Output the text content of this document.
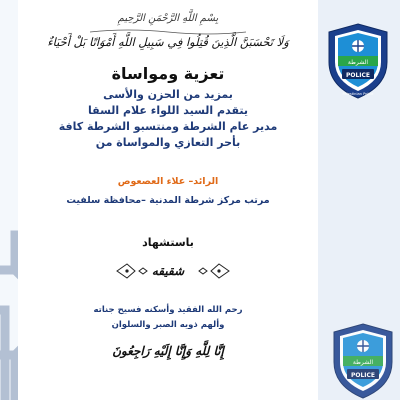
بِسْمِ اللَّهِ الرَّحْمَنِ الرَّحِيمِ
وَلَا تَحْسَبَنَّ الَّذِينَ قُتِلُوا فِي سَبِيلِ اللَّهِ أَمْوَاتًا بَلْ أَحْيَاءٌ
تعزية ومواساة
بمزيد من الحزن والأسى
يتقدم السيد اللواء علام السقا
مدير عام الشرطة ومنتسبو الشرطة كافة
بأحر التعازي والمواساة من
الرائد– علاء العصعوص
مرتب مركز شرطة المدنية –محافظة سلفيت
باستشهاد
شقيقه
رحم الله الفقيد وأسكنه فسيح جناته
وألهم ذويه الصبر والسلوان
إِنَّا لِلَّهِ وَإِنَّا إِلَيْهِ رَاجِعُونَ
الشرطة
POLICE
Palestinian Police
الشرطة
POLICE
